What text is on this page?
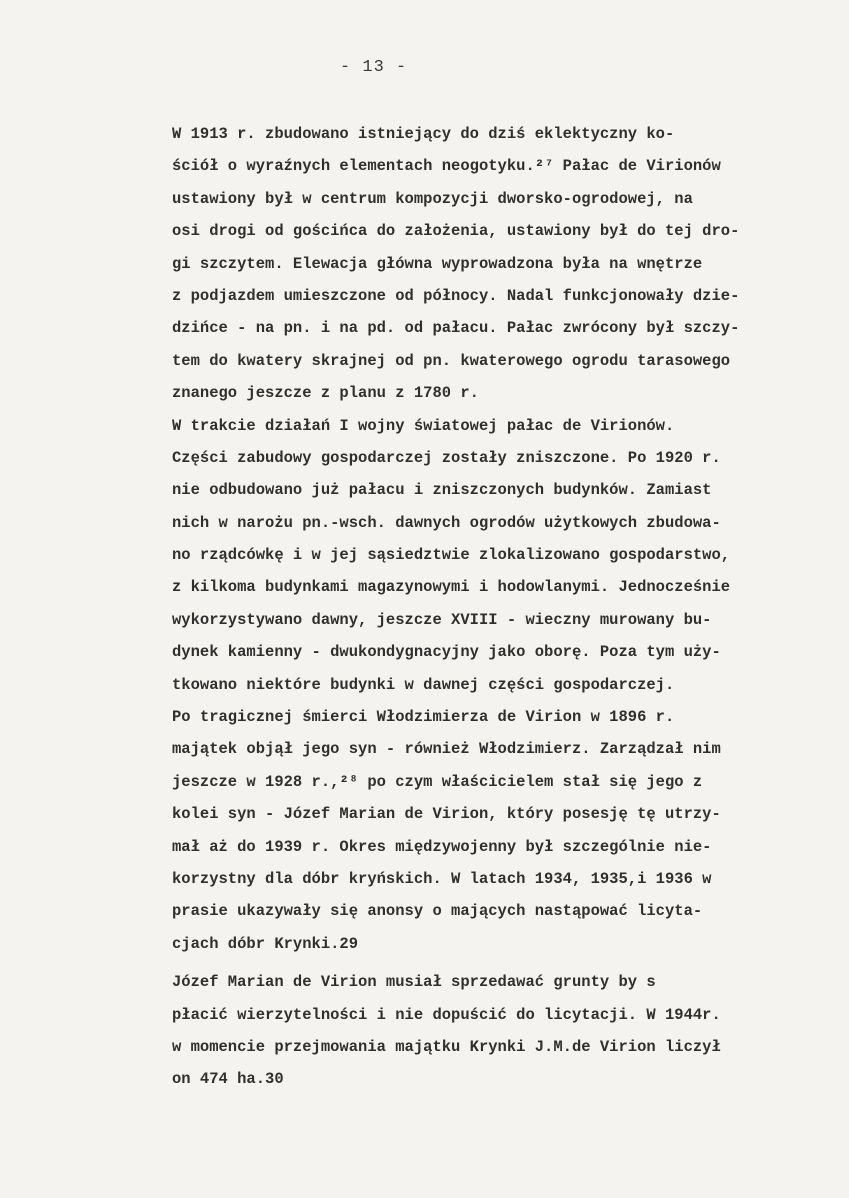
- 13 -
W 1913 r. zbudowano istniejący do dziś eklektyczny ko-
ściół o wyraźnych elementach neogotyku.²⁷ Pałac de Virionów
ustawiony był w centrum kompozycji dworsko-ogrodowej, na
osi drogi od gościńca do założenia, ustawiony był do tej dro-
gi szczytem. Elewacja główna wyprowadzona była na wnętrze
z podjazdem umieszczone od północy. Nadal funkcjonowały dzie-
dzińce - na pn. i na pd. od pałacu. Pałac zwrócony był szczy-
tem do kwatery skrajnej od pn. kwaterowego ogrodu tarasowego
znanego jeszcze z planu z 1780 r.
W trakcie działań I wojny światowej pałac de Virionów.
Części zabudowy gospodarczej zostały zniszczone. Po 1920 r.
nie odbudowano już pałacu i zniszczonych budynków. Zamiast
nich w narożu pn.-wsch. dawnych ogrodów użytkowych zbudowa-
no rządcówkę i w jej sąsiedztwie zlokalizowano gospodarstwo,
z kilkoma budynkami magazynowymi i hodowlanymi. Jednocześnie
wykorzystywano dawny, jeszcze XVIII - wieczny murowany bu-
dynek kamienny - dwukondygnacyjny jako oborę. Poza tym uży-
tkowano niektóre budynki w dawnej części gospodarczej.
Po tragicznej śmierci Włodzimierza de Virion w 1896 r.
majątek objął jego syn - również Włodzimierz. Zarządzał nim
jeszcze w 1928 r.,²⁸ po czym właścicielem stał się jego z
kolei syn - Józef Marian de Virion, który posesję tę utrzy-
mał aż do 1939 r. Okres międzywojenny był szczególnie nie-
korzystny dla dóbr kryńskich. W latach 1934, 1935,i 1936 w
prasie ukazywały się anonsy o mających nastąpować licyta-
cjach dóbr Krynki.29
Józef Marian de Virion musiał sprzedawać grunty by s
płacić wierzytelności i nie dopuścić do licytacji. W 1944r.
w momencie przejmowania majątku Krynki J.M.de Virion liczył
on 474 ha.30
